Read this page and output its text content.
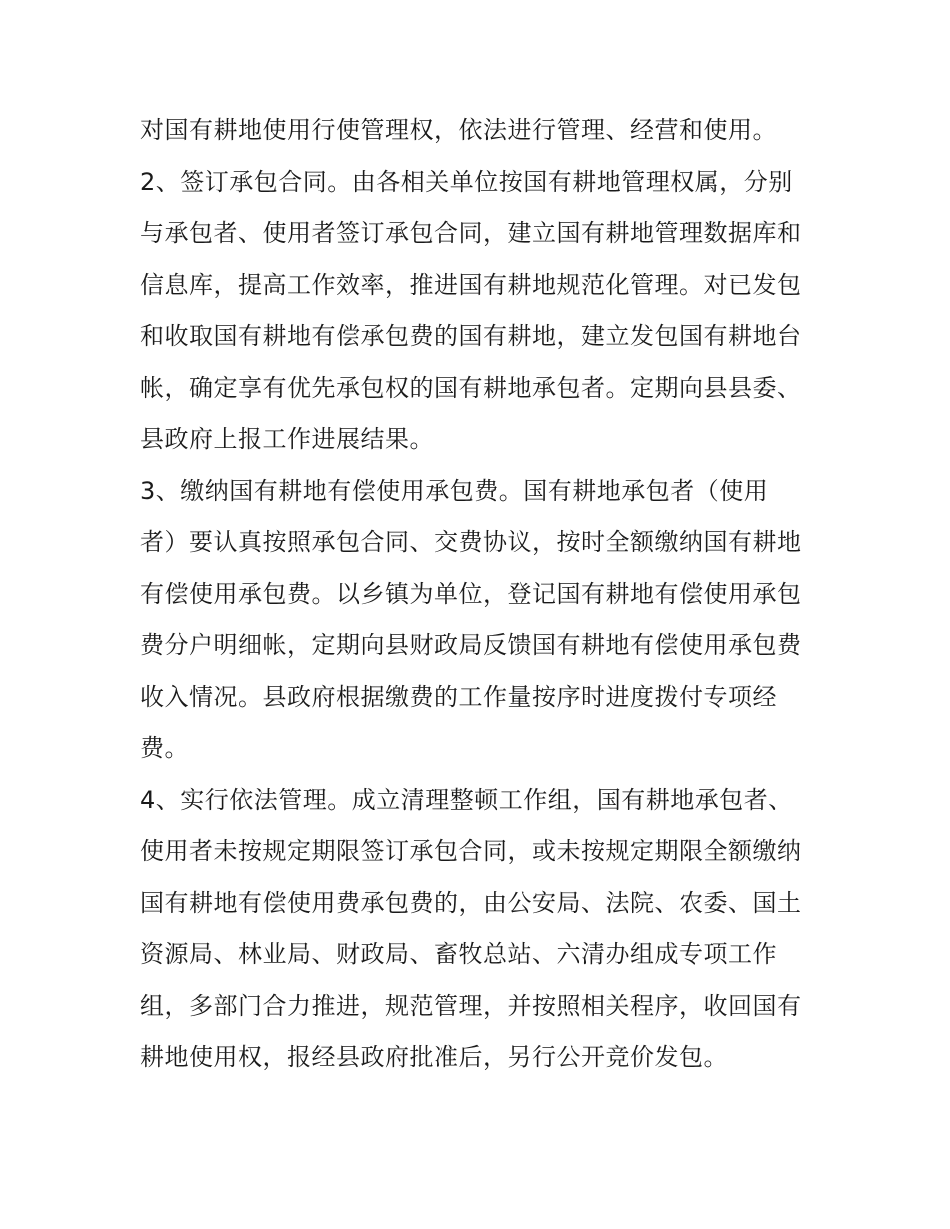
对国有耕地使用行使管理权，依法进行管理、经营和使用。
2、签订承包合同。由各相关单位按国有耕地管理权属，分别
与承包者、使用者签订承包合同，建立国有耕地管理数据库和
信息库，提高工作效率，推进国有耕地规范化管理。对已发包
和收取国有耕地有偿承包费的国有耕地，建立发包国有耕地台
帐，确定享有优先承包权的国有耕地承包者。定期向县县委、
县政府上报工作进展结果。
3、缴纳国有耕地有偿使用承包费。国有耕地承包者（使用
者）要认真按照承包合同、交费协议，按时全额缴纳国有耕地
有偿使用承包费。以乡镇为单位，登记国有耕地有偿使用承包
费分户明细帐，定期向县财政局反馈国有耕地有偿使用承包费
收入情况。县政府根据缴费的工作量按序时进度拨付专项经
费。
4、实行依法管理。成立清理整顿工作组，国有耕地承包者、
使用者未按规定期限签订承包合同，或未按规定期限全额缴纳
国有耕地有偿使用费承包费的，由公安局、法院、农委、国土
资源局、林业局、财政局、畜牧总站、六清办组成专项工作
组，多部门合力推进，规范管理，并按照相关程序，收回国有
耕地使用权，报经县政府批准后，另行公开竞价发包。
